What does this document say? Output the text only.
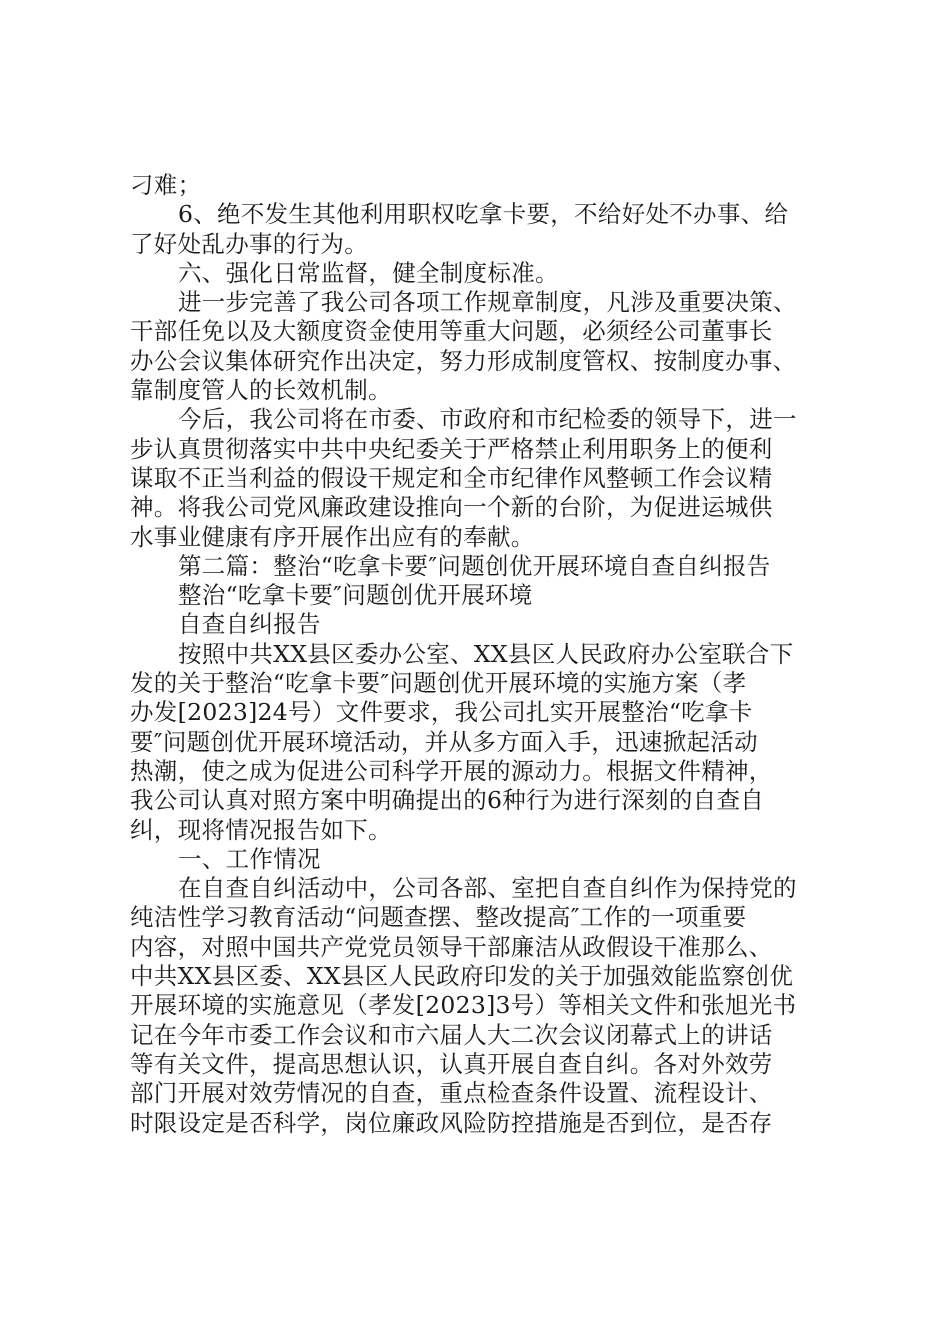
刁难；
6、绝不发生其他利用职权吃拿卡要，不给好处不办事、给
了好处乱办事的行为。
六、强化日常监督，健全制度标准。
进一步完善了我公司各项工作规章制度，凡涉及重要决策、
干部任免以及大额度资金使用等重大问题，必须经公司董事长
办公会议集体研究作出决定，努力形成制度管权、按制度办事、
靠制度管人的长效机制。
今后，我公司将在市委、市政府和市纪检委的领导下，进一
步认真贯彻落实中共中央纪委关于严格禁止利用职务上的便利
谋取不正当利益的假设干规定和全市纪律作风整顿工作会议精
神。将我公司党风廉政建设推向一个新的台阶，为促进运城供
水事业健康有序开展作出应有的奉献。
第二篇：整治“吃拿卡要″问题创优开展环境自查自纠报告
整治“吃拿卡要″问题创优开展环境
自查自纠报告
按照中共XX县区委办公室、XX县区人民政府办公室联合下
发的关于整治“吃拿卡要″问题创优开展环境的实施方案（孝
办发[2023]24号）文件要求，我公司扎实开展整治“吃拿卡
要″问题创优开展环境活动，并从多方面入手，迅速掀起活动
热潮，使之成为促进公司科学开展的源动力。根据文件精神，
我公司认真对照方案中明确提出的6种行为进行深刻的自查自
纠，现将情况报告如下。
一、工作情况
在自查自纠活动中，公司各部、室把自查自纠作为保持党的
纯洁性学习教育活动“问题查摆、整改提高″工作的一项重要
内容，对照中国共产党党员领导干部廉洁从政假设干准那么、
中共XX县区委、XX县区人民政府印发的关于加强效能监察创优
开展环境的实施意见（孝发[2023]3号）等相关文件和张旭光书
记在今年市委工作会议和市六届人大二次会议闭幕式上的讲话
等有关文件，提高思想认识，认真开展自查自纠。各对外效劳
部门开展对效劳情况的自查，重点检查条件设置、流程设计、
时限设定是否科学，岗位廉政风险防控措施是否到位，是否存
